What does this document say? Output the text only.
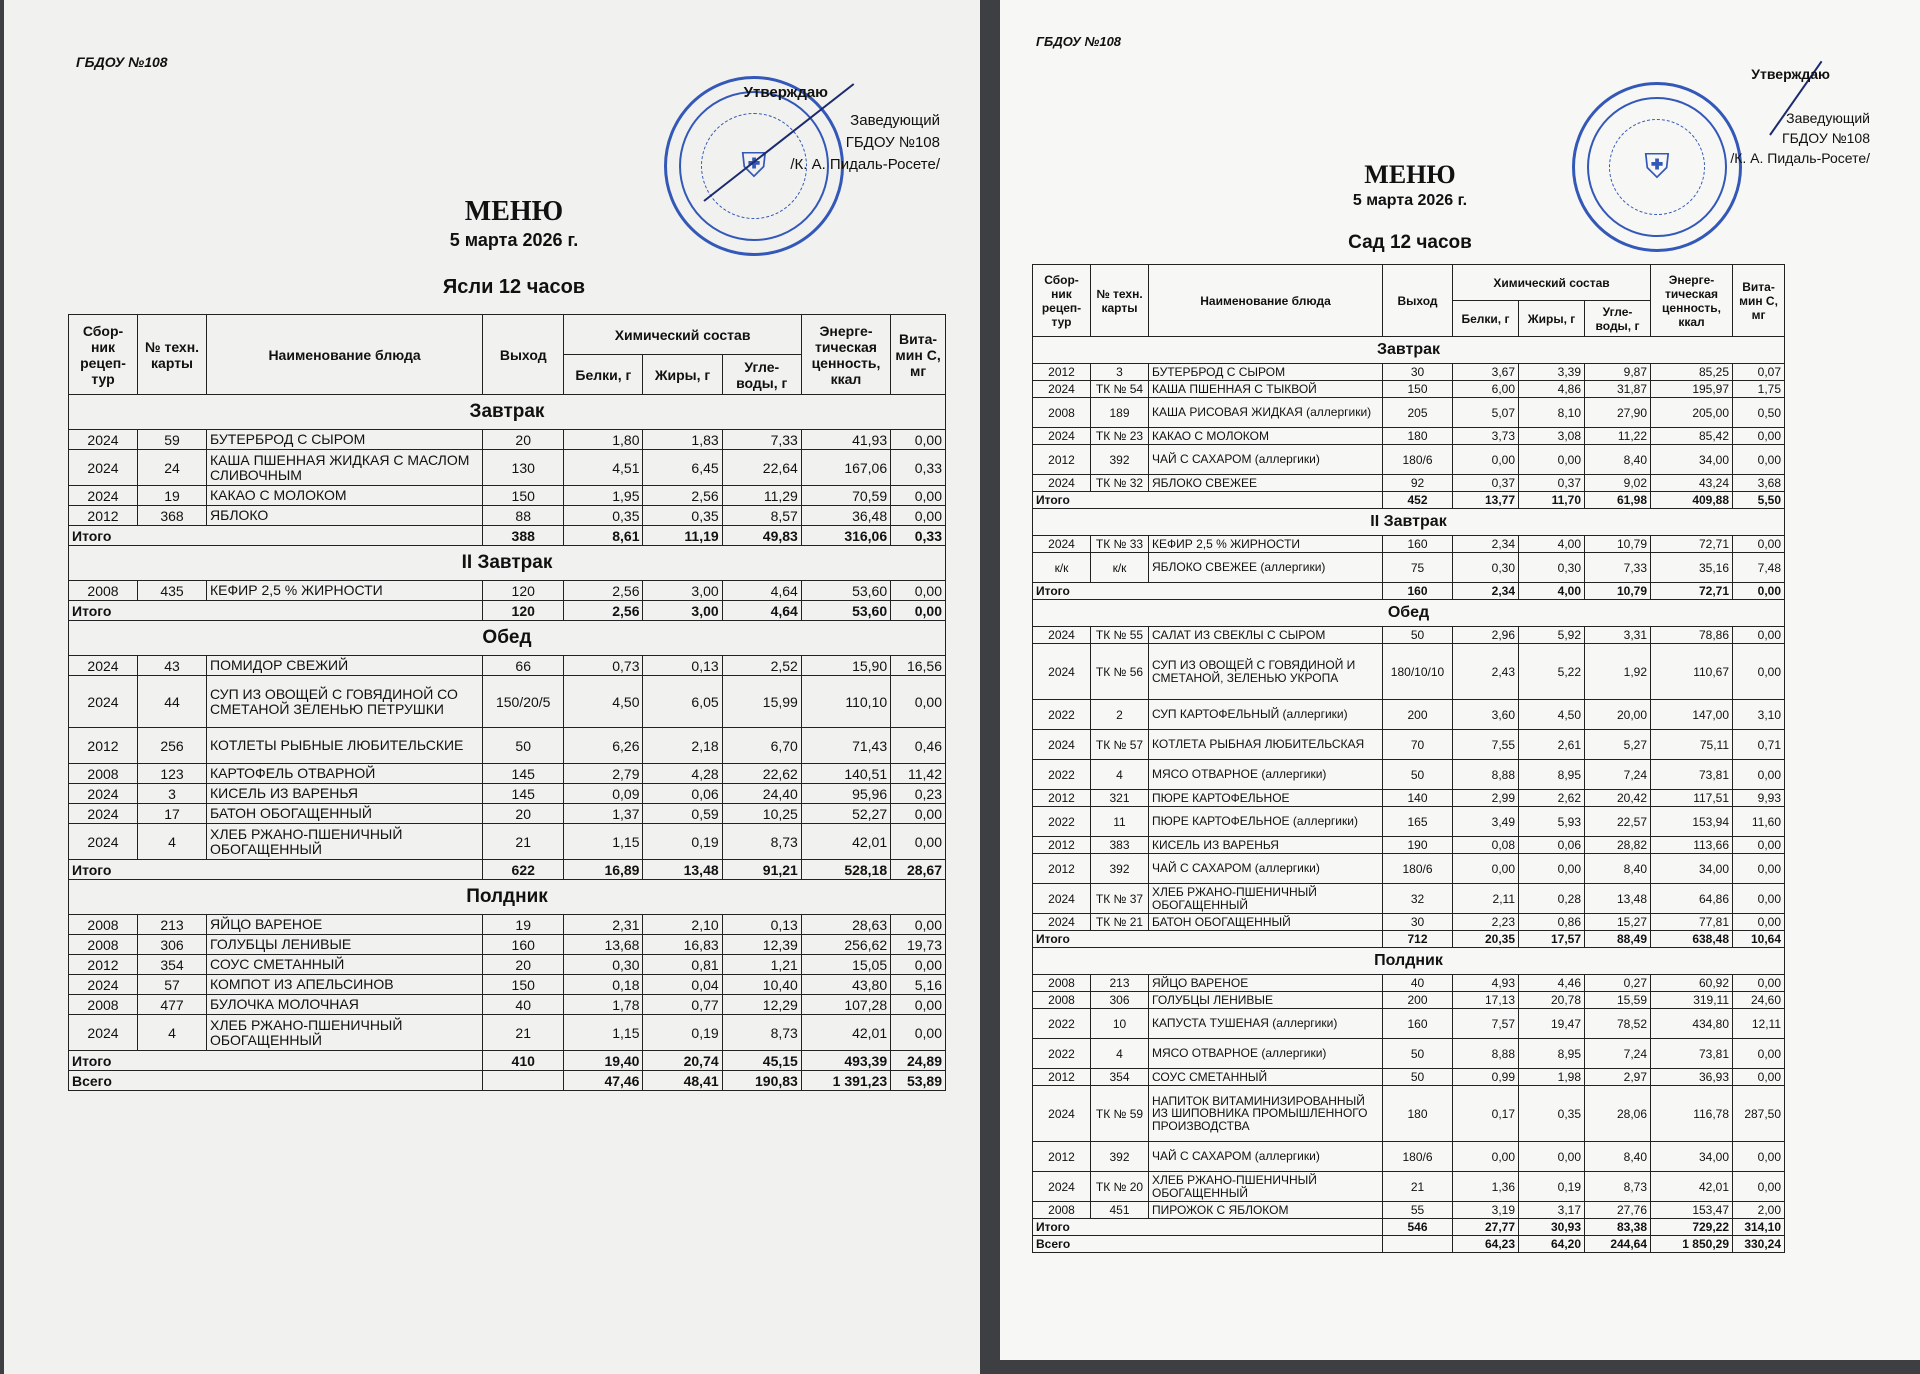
ГБДОУ №108
⛨
Утверждаю
Заведующий
ГБДОУ №108
/К. А. Пидаль-Росете/
МЕНЮ
5 марта 2026 г.
Ясли 12 часов
Сбор- ник рецеп- тур	№ техн. карты	Наименование блюда	Выход	Химический состав			Энерге- тическая ценность, ккал	Вита- мин С, мг
				Белки, г	Жиры, г	Угле- воды, г		
Завтрак								
2024	59	БУТЕРБРОД С СЫРОМ	20	1,80	1,83	7,33	41,93	0,00
2024	24	КАША ПШЕННАЯ ЖИДКАЯ С МАСЛОМ СЛИВОЧНЫМ	130	4,51	6,45	22,64	167,06	0,33
2024	19	КАКАО С МОЛОКОМ	150	1,95	2,56	11,29	70,59	0,00
2012	368	ЯБЛОКО	88	0,35	0,35	8,57	36,48	0,00
Итого			388	8,61	11,19	49,83	316,06	0,33
II Завтрак								
2008	435	КЕФИР 2,5 % ЖИРНОСТИ	120	2,56	3,00	4,64	53,60	0,00
Итого			120	2,56	3,00	4,64	53,60	0,00
Обед								
2024	43	ПОМИДОР СВЕЖИЙ	66	0,73	0,13	2,52	15,90	16,56
2024	44	СУП ИЗ ОВОЩЕЙ С ГОВЯДИНОЙ СО СМЕТАНОЙ ЗЕЛЕНЬЮ ПЕТРУШКИ	150/20/5	4,50	6,05	15,99	110,10	0,00
2012	256	КОТЛЕТЫ РЫБНЫЕ ЛЮБИТЕЛЬСКИЕ	50	6,26	2,18	6,70	71,43	0,46
2008	123	КАРТОФЕЛЬ ОТВАРНОЙ	145	2,79	4,28	22,62	140,51	11,42
2024	3	КИСЕЛЬ ИЗ ВАРЕНЬЯ	145	0,09	0,06	24,40	95,96	0,23
2024	17	БАТОН ОБОГАЩЕННЫЙ	20	1,37	0,59	10,25	52,27	0,00
2024	4	ХЛЕБ РЖАНО-ПШЕНИЧНЫЙ ОБОГАЩЕННЫЙ	21	1,15	0,19	8,73	42,01	0,00
Итого			622	16,89	13,48	91,21	528,18	28,67
Полдник								
2008	213	ЯЙЦО ВАРЕНОЕ	19	2,31	2,10	0,13	28,63	0,00
2008	306	ГОЛУБЦЫ ЛЕНИВЫЕ	160	13,68	16,83	12,39	256,62	19,73
2012	354	СОУС СМЕТАННЫЙ	20	0,30	0,81	1,21	15,05	0,00
2024	57	КОМПОТ ИЗ АПЕЛЬСИНОВ	150	0,18	0,04	10,40	43,80	5,16
2008	477	БУЛОЧКА МОЛОЧНАЯ	40	1,78	0,77	12,29	107,28	0,00
2024	4	ХЛЕБ РЖАНО-ПШЕНИЧНЫЙ ОБОГАЩЕННЫЙ	21	1,15	0,19	8,73	42,01	0,00
Итого			410	19,40	20,74	45,15	493,39	24,89
Всего				47,46	48,41	190,83	1 391,23	53,89
ГБДОУ №108
⛨
Утверждаю
Заведующий
ГБДОУ №108
/К. А. Пидаль-Росете/
МЕНЮ
5 марта 2026 г.
Сад 12 часов
Сбор- ник рецеп- тур	№ техн. карты	Наименование блюда	Выход	Химический состав			Энерге- тическая ценность, ккал	Вита- мин С, мг
				Белки, г	Жиры, г	Угле- воды, г		
Завтрак								
2012	3	БУТЕРБРОД С СЫРОМ	30	3,67	3,39	9,87	85,25	0,07
2024	ТК № 54	КАША ПШЕННАЯ С ТЫКВОЙ	150	6,00	4,86	31,87	195,97	1,75
2008	189	КАША РИСОВАЯ ЖИДКАЯ (аллергики)	205	5,07	8,10	27,90	205,00	0,50
2024	ТК № 23	КАКАО С МОЛОКОМ	180	3,73	3,08	11,22	85,42	0,00
2012	392	ЧАЙ С САХАРОМ (аллергики)	180/6	0,00	0,00	8,40	34,00	0,00
2024	ТК № 32	ЯБЛОКО СВЕЖЕЕ	92	0,37	0,37	9,02	43,24	3,68
Итого			452	13,77	11,70	61,98	409,88	5,50
II Завтрак								
2024	ТК № 33	КЕФИР 2,5 % ЖИРНОСТИ	160	2,34	4,00	10,79	72,71	0,00
к/к	к/к	ЯБЛОКО СВЕЖЕЕ (аллергики)	75	0,30	0,30	7,33	35,16	7,48
Итого			160	2,34	4,00	10,79	72,71	0,00
Обед								
2024	ТК № 55	САЛАТ ИЗ СВЕКЛЫ С СЫРОМ	50	2,96	5,92	3,31	78,86	0,00
2024	ТК № 56	СУП ИЗ ОВОЩЕЙ С ГОВЯДИНОЙ И СМЕТАНОЙ, ЗЕЛЕНЬЮ УКРОПА	180/10/10	2,43	5,22	1,92	110,67	0,00
2022	2	СУП КАРТОФЕЛЬНЫЙ (аллергики)	200	3,60	4,50	20,00	147,00	3,10
2024	ТК № 57	КОТЛЕТА РЫБНАЯ ЛЮБИТЕЛЬСКАЯ	70	7,55	2,61	5,27	75,11	0,71
2022	4	МЯСО ОТВАРНОЕ (аллергики)	50	8,88	8,95	7,24	73,81	0,00
2012	321	ПЮРЕ КАРТОФЕЛЬНОЕ	140	2,99	2,62	20,42	117,51	9,93
2022	11	ПЮРЕ КАРТОФЕЛЬНОЕ (аллергики)	165	3,49	5,93	22,57	153,94	11,60
2012	383	КИСЕЛЬ ИЗ ВАРЕНЬЯ	190	0,08	0,06	28,82	113,66	0,00
2012	392	ЧАЙ С САХАРОМ (аллергики)	180/6	0,00	0,00	8,40	34,00	0,00
2024	ТК № 37	ХЛЕБ РЖАНО-ПШЕНИЧНЫЙ ОБОГАЩЕННЫЙ	32	2,11	0,28	13,48	64,86	0,00
2024	ТК № 21	БАТОН ОБОГАЩЕННЫЙ	30	2,23	0,86	15,27	77,81	0,00
Итого			712	20,35	17,57	88,49	638,48	10,64
Полдник								
2008	213	ЯЙЦО ВАРЕНОЕ	40	4,93	4,46	0,27	60,92	0,00
2008	306	ГОЛУБЦЫ ЛЕНИВЫЕ	200	17,13	20,78	15,59	319,11	24,60
2022	10	КАПУСТА ТУШЕНАЯ (аллергики)	160	7,57	19,47	78,52	434,80	12,11
2022	4	МЯСО ОТВАРНОЕ (аллергики)	50	8,88	8,95	7,24	73,81	0,00
2012	354	СОУС СМЕТАННЫЙ	50	0,99	1,98	2,97	36,93	0,00
2024	ТК № 59	НАПИТОК ВИТАМИНИЗИРОВАННЫЙ ИЗ ШИПОВНИКА ПРОМЫШЛЕННОГО ПРОИЗВОДСТВА	180	0,17	0,35	28,06	116,78	287,50
2012	392	ЧАЙ С САХАРОМ (аллергики)	180/6	0,00	0,00	8,40	34,00	0,00
2024	ТК № 20	ХЛЕБ РЖАНО-ПШЕНИЧНЫЙ ОБОГАЩЕННЫЙ	21	1,36	0,19	8,73	42,01	0,00
2008	451	ПИРОЖОК С ЯБЛОКОМ	55	3,19	3,17	27,76	153,47	2,00
Итого			546	27,77	30,93	83,38	729,22	314,10
Всего				64,23	64,20	244,64	1 850,29	330,24
